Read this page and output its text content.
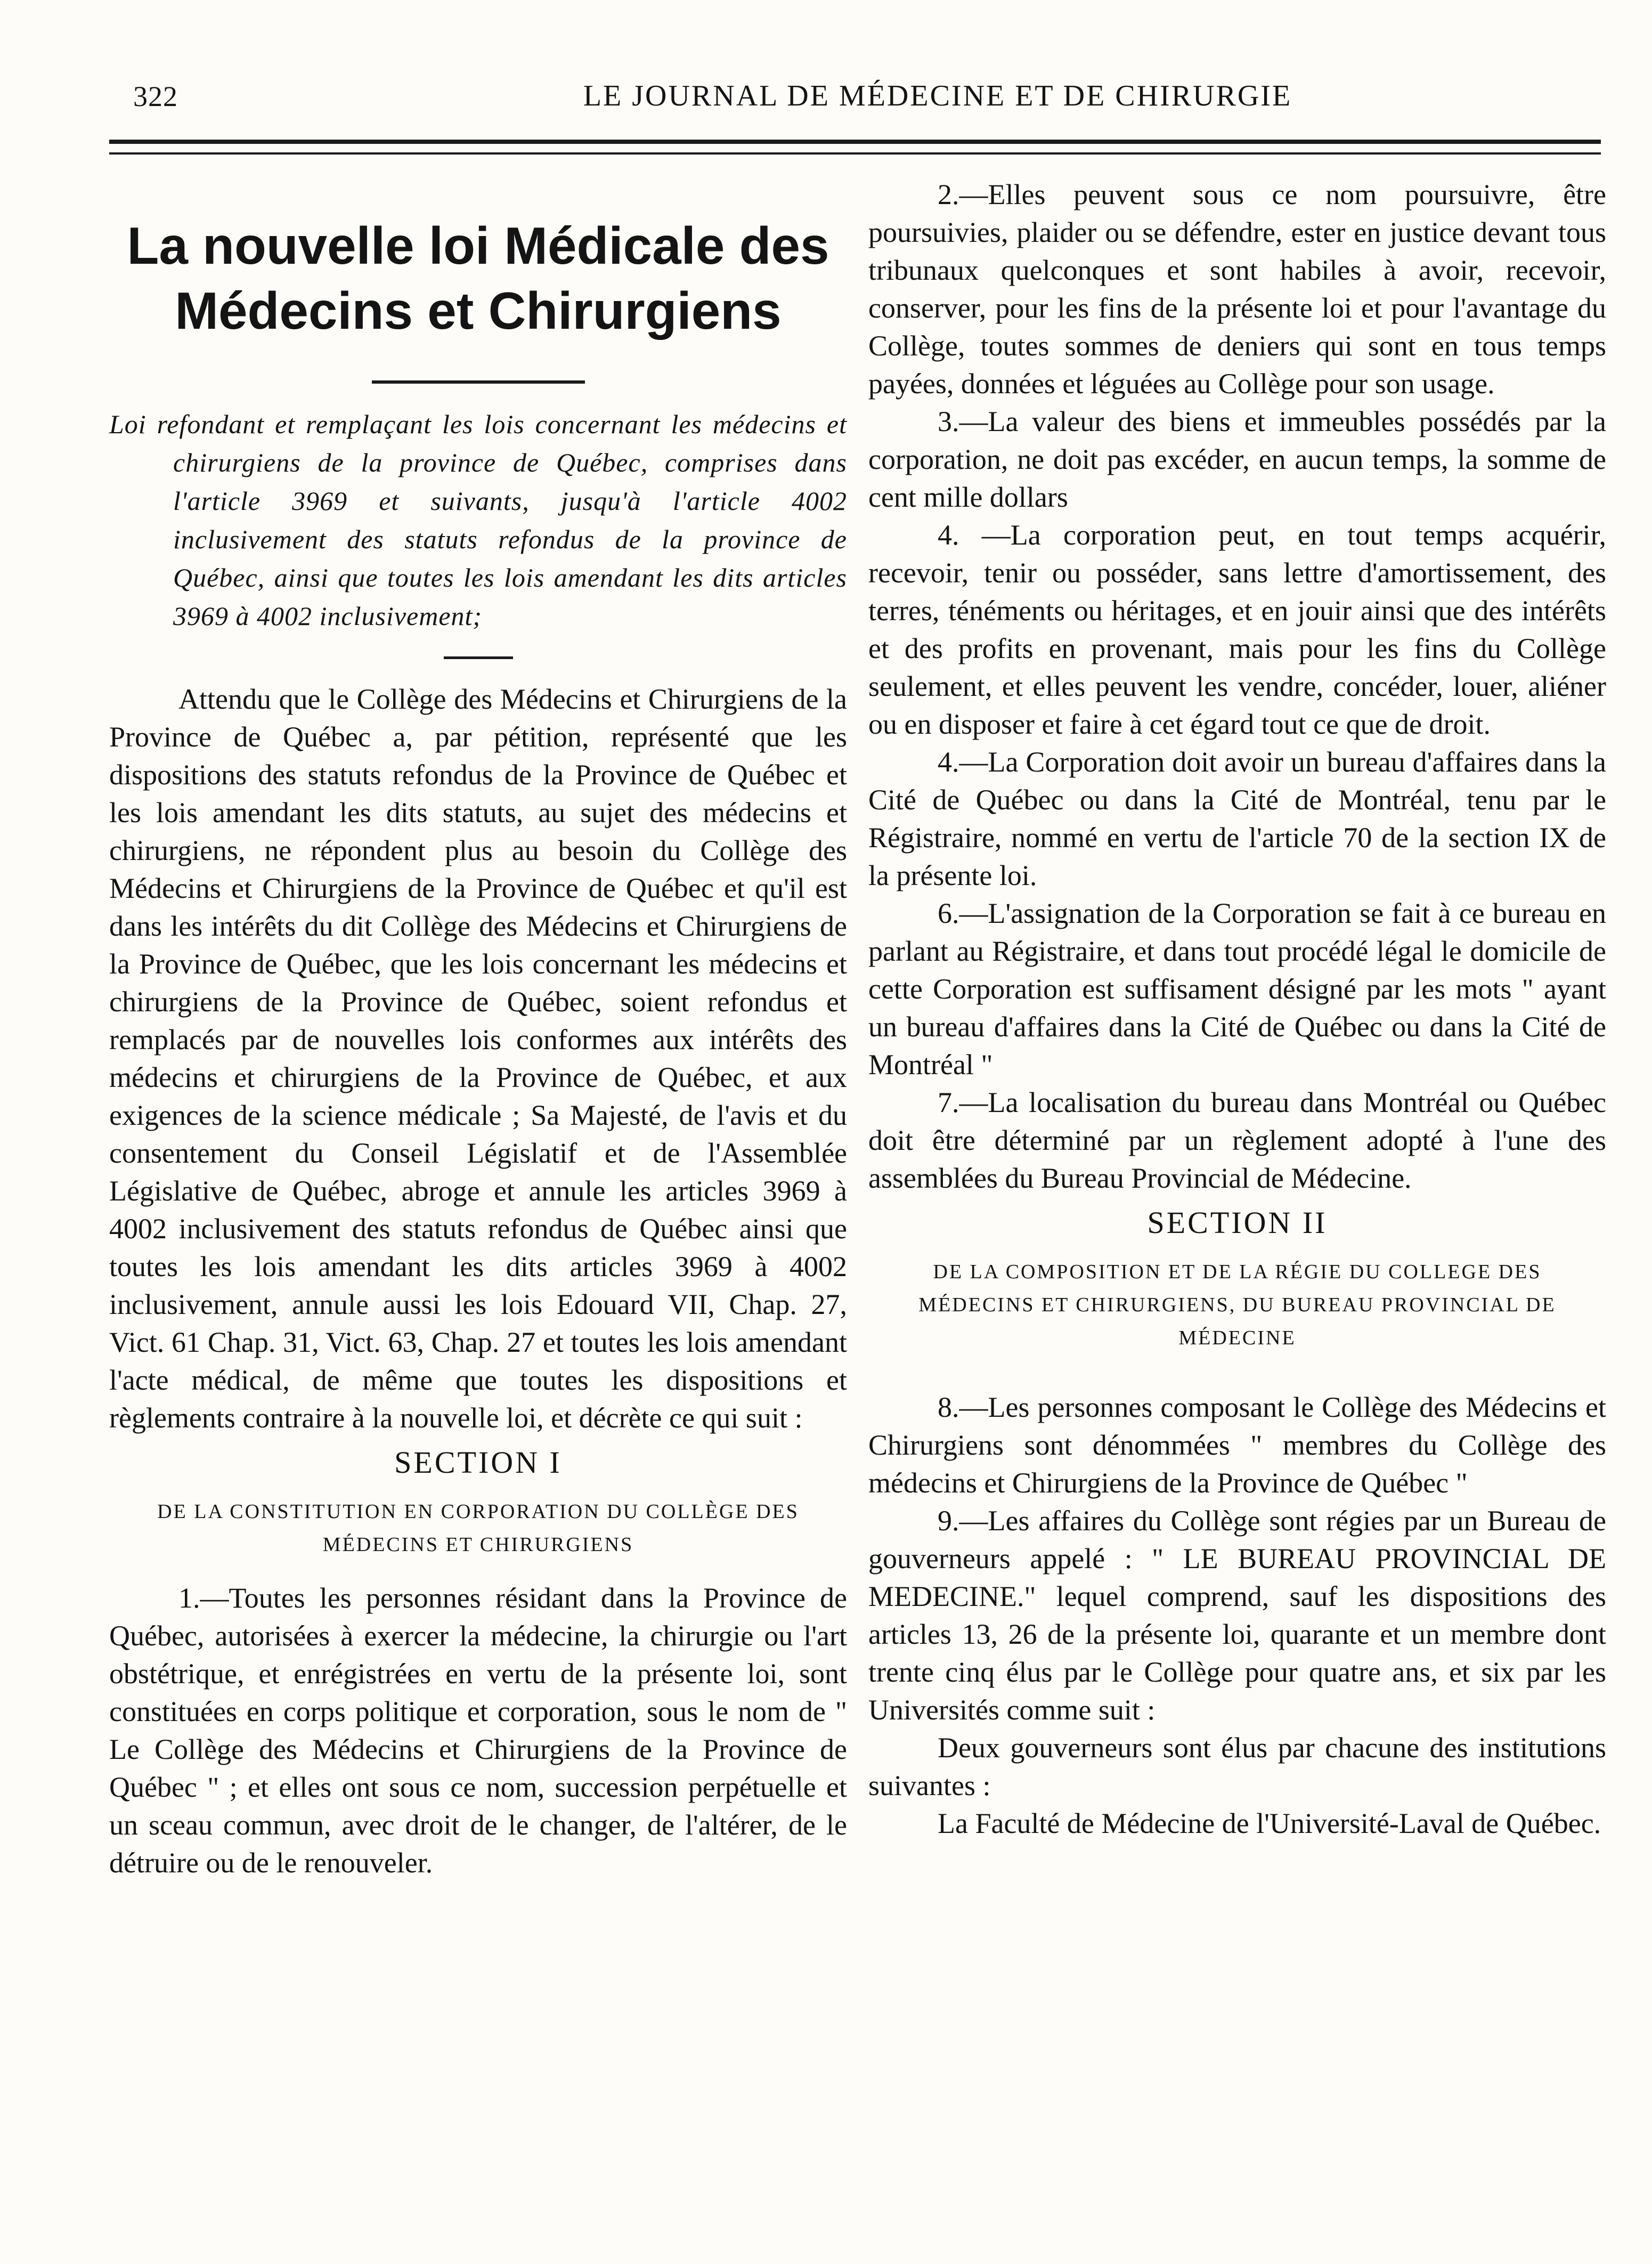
322	LE JOURNAL DE MÉDECINE ET DE CHIRURGIE
La nouvelle loi Médicale des Médecins et Chirurgiens

Loi refondant et remplaçant les lois concernant les médecins et chirurgiens de la province de Québec, comprises dans l'article 3969 et suivants, jusqu'à l'article 4002 inclusivement des statuts refondus de la province de Québec, ainsi que toutes les lois amendant les dits articles 3969 à 4002 inclusivement;

Attendu que le Collège des Médecins et Chirurgiens de la Province de Québec a, par pétition, représenté que les dispositions des statuts refondus de la Province de Québec et les lois amendant les dits statuts, au sujet des médecins et chirurgiens, ne répondent plus au besoin du Collège des Médecins et Chirurgiens de la Province de Québec et qu'il est dans les intérêts du dit Collège des Médecins et Chirurgiens de la Province de Québec, que les lois concernant les médecins et chirurgiens de la Province de Québec, soient refondus et remplacés par de nouvelles lois conformes aux intérêts des médecins et chirurgiens de la Province de Québec, et aux exigences de la science médicale ; Sa Majesté, de l'avis et du consentement du Conseil Législatif et de l'Assemblée Législative de Québec, abroge et annule les articles 3969 à 4002 inclusivement des statuts refondus de Québec ainsi que toutes les lois amendant les dits articles 3969 à 4002 inclusivement, annule aussi les lois Edouard VII, Chap. 27, Vict. 61 Chap. 31, Vict. 63, Chap. 27 et toutes les lois amendant l'acte médical, de même que toutes les dispositions et règlements contraire à la nouvelle loi, et décrète ce qui suit :

SECTION I
DE LA CONSTITUTION EN CORPORATION DU COLLÈGE DES MÉDECINS ET CHIRURGIENS

1.—Toutes les personnes résidant dans la Province de Québec, autorisées à exercer la médecine, la chirurgie ou l'art obstétrique, et enrégistrées en vertu de la présente loi, sont constituées en corps politique et corporation, sous le nom de " Le Collège des Médecins et Chirurgiens de la Province de Québec " ; et elles ont sous ce nom, succession perpétuelle et un sceau commun, avec droit de le changer, de l'altérer, de le détruire ou de le renouveler.

2.—Elles peuvent sous ce nom poursuivre, être poursuivies, plaider ou se défendre, ester en justice devant tous tribunaux quelconques et sont habiles à avoir, recevoir, conserver, pour les fins de la présente loi et pour l'avantage du Collège, toutes sommes de deniers qui sont en tous temps payées, données et léguées au Collège pour son usage.

3.—La valeur des biens et immeubles possédés par la corporation, ne doit pas excéder, en aucun temps, la somme de cent mille dollars

4. —La corporation peut, en tout temps acquérir, recevoir, tenir ou posséder, sans lettre d'amortissement, des terres, ténéments ou héritages, et en jouir ainsi que des intérêts et des profits en provenant, mais pour les fins du Collège seulement, et elles peuvent les vendre, concéder, louer, aliéner ou en disposer et faire à cet égard tout ce que de droit.

4.—La Corporation doit avoir un bureau d'affaires dans la Cité de Québec ou dans la Cité de Montréal, tenu par le Régistraire, nommé en vertu de l'article 70 de la section IX de la présente loi.

6.—L'assignation de la Corporation se fait à ce bureau en parlant au Régistraire, et dans tout procédé légal le domicile de cette Corporation est suffisament désigné par les mots " ayant un bureau d'affaires dans la Cité de Québec ou dans la Cité de Montréal "

7.—La localisation du bureau dans Montréal ou Québec doit être déterminé par un règlement adopté à l'une des assemblées du Bureau Provincial de Médecine.

SECTION II
DE LA COMPOSITION ET DE LA RÉGIE DU COLLEGE DES MÉDECINS ET CHIRURGIENS, DU BUREAU PROVINCIAL DE MÉDECINE

8.—Les personnes composant le Collège des Médecins et Chirurgiens sont dénommées " membres du Collège des médecins et Chirurgiens de la Province de Québec "

9.—Les affaires du Collège sont régies par un Bureau de gouverneurs appelé : " LE BUREAU PROVINCIAL DE MEDECINE." lequel comprend, sauf les dispositions des articles 13, 26 de la présente loi, quarante et un membre dont trente cinq élus par le Collège pour quatre ans, et six par les Universités comme suit :

Deux gouverneurs sont élus par chacune des institutions suivantes :

La Faculté de Médecine de l'Université-Laval de Québec.
